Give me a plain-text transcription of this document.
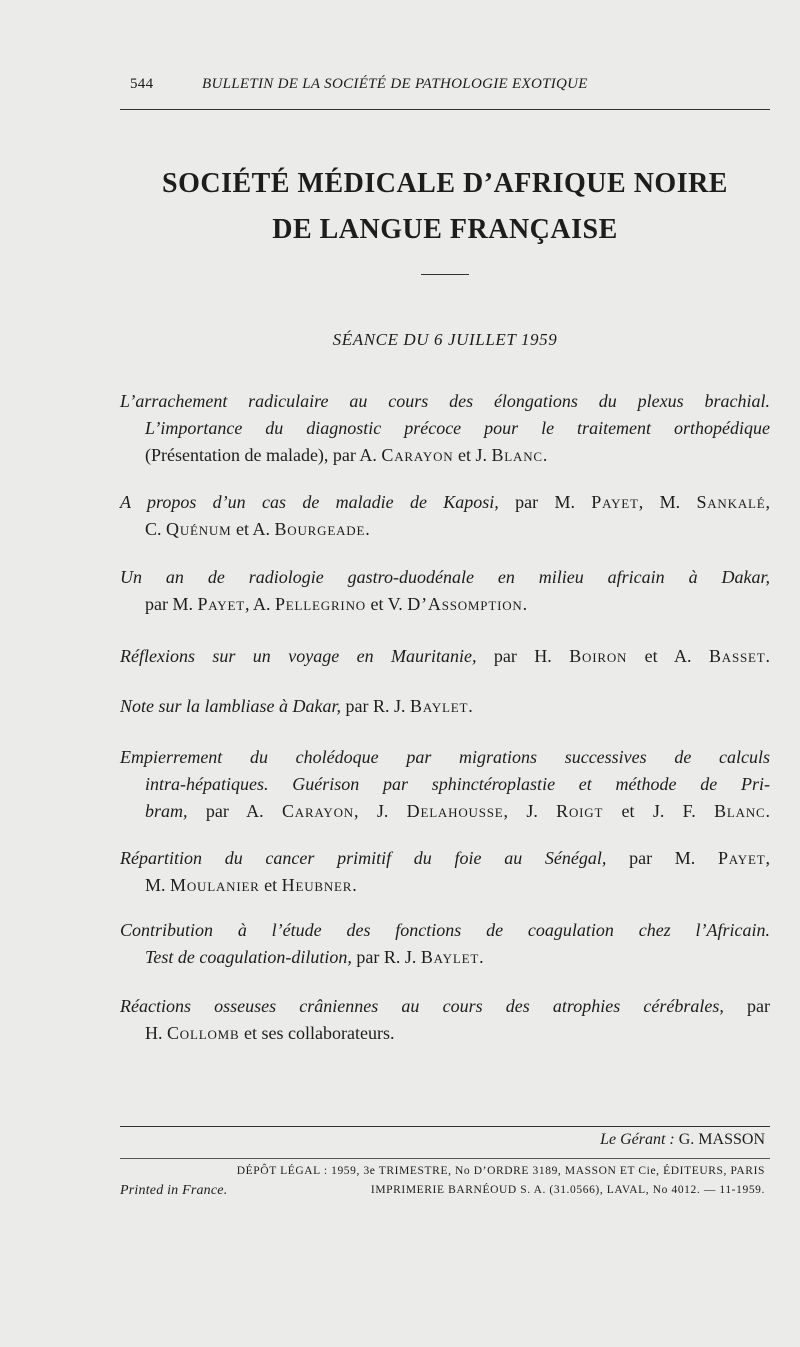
544	BULLETIN DE LA SOCIÉTÉ DE PATHOLOGIE EXOTIQUE
SOCIÉTÉ MÉDICALE D’AFRIQUE NOIRE
DE LANGUE FRANÇAISE
SÉANCE DU 6 JUILLET 1959
L’arrachement radiculaire au cours des élongations du plexus brachial.
L’importance du diagnostic précoce pour le traitement orthopédique
(Présentation de malade), par A. Carayon et J. Blanc.
A propos d’un cas de maladie de Kaposi, par M. Payet, M. Sankalé,
C. Quénum et A. Bourgeade.
Un an de radiologie gastro-duodénale en milieu africain à Dakar,
par M. Payet, A. Pellegrino et V. D’Assomption.
Réflexions sur un voyage en Mauritanie, par H. Boiron et A. Basset.
Note sur la lambliase à Dakar, par R. J. Baylet.
Empierrement du cholédoque par migrations successives de calculs
intra-hépatiques. Guérison par sphinctéroplastie et méthode de Pri-
bram, par A. Carayon, J. Delahousse, J. Roigt et J. F. Blanc.
Répartition du cancer primitif du foie au Sénégal, par M. Payet,
M. Moulanier et Heubner.
Contribution à l’étude des fonctions de coagulation chez l’Africain.
Test de coagulation-dilution, par R. J. Baylet.
Réactions osseuses crâniennes au cours des atrophies cérébrales, par
H. Collomb et ses collaborateurs.
Le Gérant : G. MASSON
DÉPÔT LÉGAL : 1959, 3e TRIMESTRE, No D’ORDRE 3189, MASSON ET Cie, ÉDITEURS, PARIS
Printed in France.	IMPRIMERIE BARNÉOUD S. A. (31.0566), LAVAL, No 4012. — 11-1959.
